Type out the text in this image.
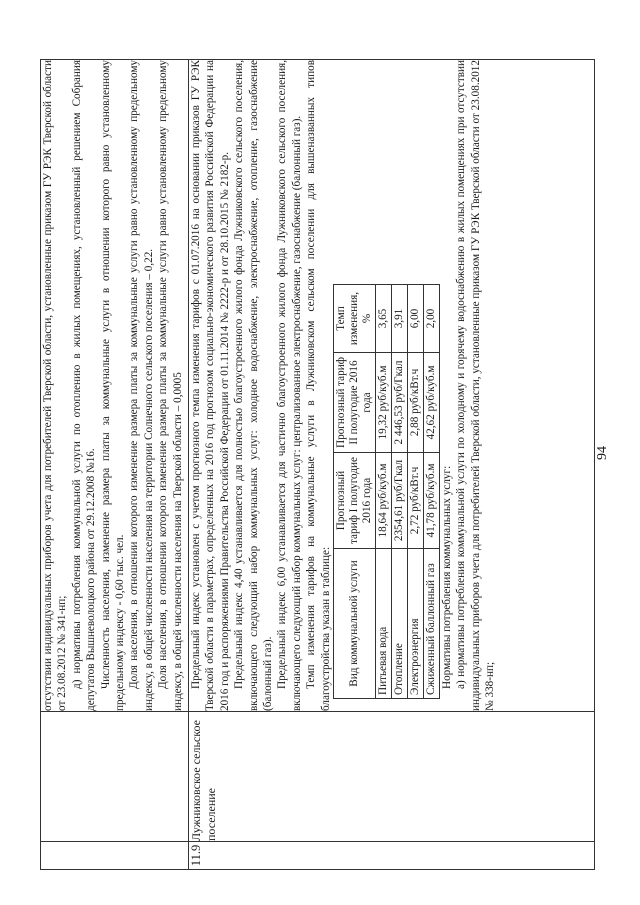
94

отсутствии индивидуальных приборов учета для потребителей Тверской области, установленные приказом ГУ РЭК Тверской области от 23.08.2012 № 341-нп; д) нормативы потребления коммунальной услуги по отоплению в жилых помещениях, установленный решением Собрания депутатов Вышневолоцкого района от 29.12.2008 №16. Численность населения, изменение размера платы за коммунальные услуги в отношении которого равно установленному предельному индексу - 0,60 тыс. чел. Доля населения, в отношении которого изменение размера платы за коммунальные услуги равно установленному предельному индексу, в общей численности населения на территории Солнечного сельского поселения – 0,22. Доля населения, в отношении которого изменение размера платы за коммунальные услуги равно установленному предельному индексу, в общей численности населения на Тверской области – 0,0005

11.9	Лужниковское сельское поселение	

Предельный индекс установлен с учетом прогнозного темпа изменения тарифов с 01.07.2016 на основании приказов ГУ РЭК Тверской области в параметрах, определенных на 2016 год прогнозом социально-экономического развития Российской Федерации на 2016 год и распоряжениями Правительства Российской Федерации от 01.11.2014 № 2222-р и от 28.10.2015 № 2182-р. Предельный индекс 4,40 устанавливается для полностью благоустроенного жилого фонда Лужниковского сельского поселения, включающего следующий набор коммунальных услуг: холодное водоснабжение, электроснабжение, отопление, газоснабжение (балонный газ). Предельный индекс 6,00 устанавливается для частично благоустроенного жилого фонда Лужниковского сельского поселения, включающего следующий набор коммунальных услуг: централизованное электроснабжение, газоснабжение (балонный газ). Темп изменения тарифов на коммунальные услуги в Лужниковском сельском поселении для вышеназванных типов благоустройства указан в таблице: Вид коммунальной услуги	Прогнозный тариф I полугодие 2016 года	Прогнозный тариф II полугодие 2016 года	Темп изменения, %
Питьевая вода	18,64 руб/куб.м	19,32 руб/куб.м	3,65
Отопление	2354,61 руб/Гкал	2 446,53 руб/Гкал	3,91
Электроэнергия	2,72 руб/кВт.ч	2,88 руб/кВт.ч	6,00
Сжиженный баллонный газ	41,78 руб/куб.м	42,62 руб/куб.м	2,00

Нормативы потребления коммунальных услуг: а) нормативы потребления коммунальной услуги по холодному и горячему водоснабжению в жилых помещениях при отсутствии индивидуальных приборов учета для потребителей Тверской области, установленные приказом ГУ РЭК Тверской области от 23.08.2012 № 338-нп;
